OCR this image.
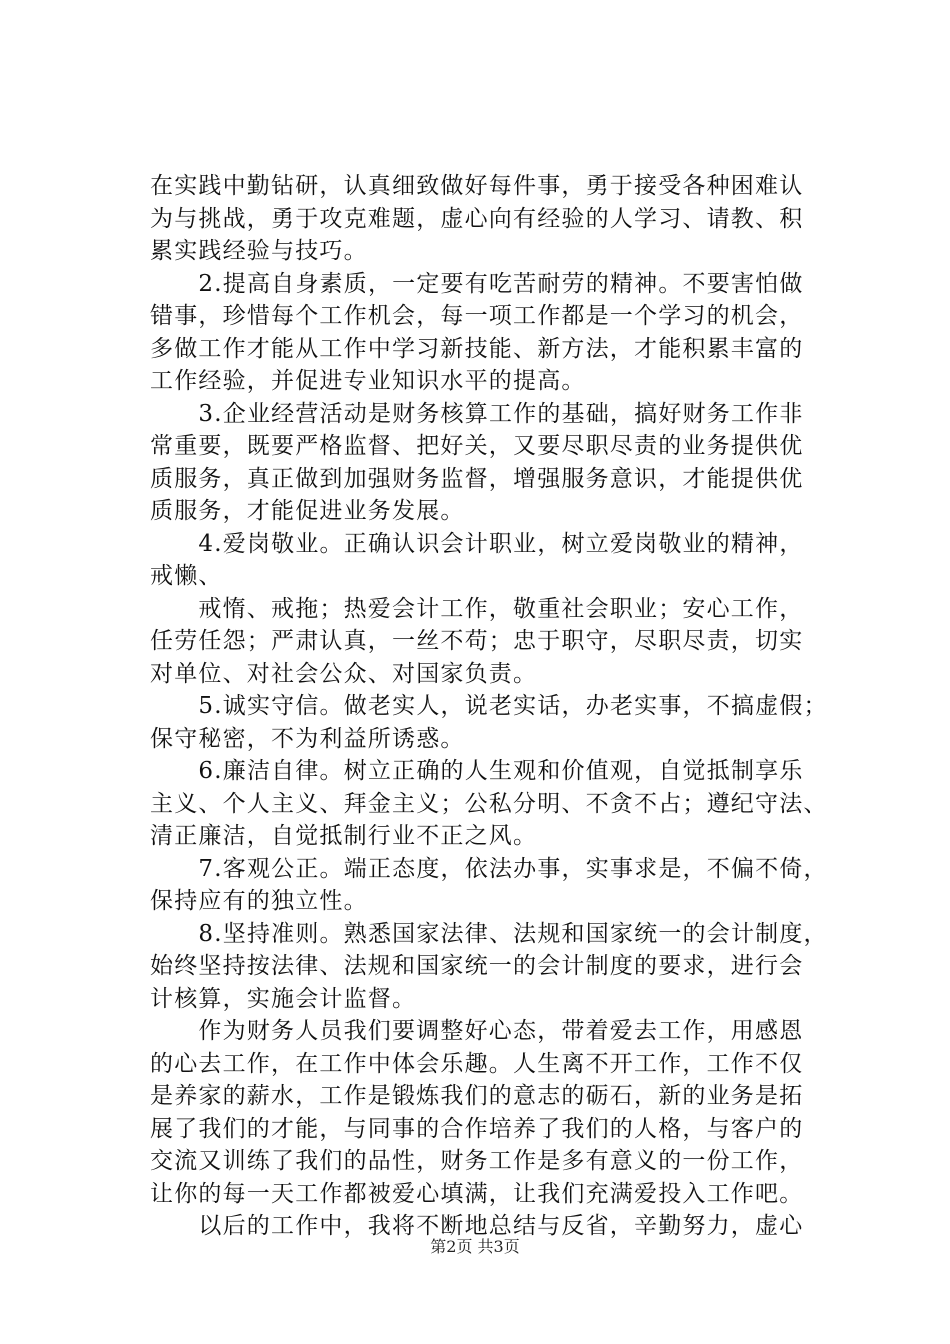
在实践中勤钻研，认真细致做好每件事，勇于接受各种困难认
为与挑战，勇于攻克难题，虚心向有经验的人学习、请教、积
累实践经验与技巧。

　　2.提高自身素质，一定要有吃苦耐劳的精神。不要害怕做
错事，珍惜每个工作机会，每一项工作都是一个学习的机会，
多做工作才能从工作中学习新技能、新方法，才能积累丰富的
工作经验，并促进专业知识水平的提高。

　　3.企业经营活动是财务核算工作的基础，搞好财务工作非
常重要，既要严格监督、把好关，又要尽职尽责的业务提供优
质服务，真正做到加强财务监督，增强服务意识，才能提供优
质服务，才能促进业务发展。

　　4.爱岗敬业。正确认识会计职业，树立爱岗敬业的精神，
戒懒、

　　戒惰、戒拖；热爱会计工作，敬重社会职业；安心工作，
任劳任怨；严肃认真，一丝不苟；忠于职守，尽职尽责，切实
对单位、对社会公众、对国家负责。

　　5.诚实守信。做老实人，说老实话，办老实事，不搞虚假；
保守秘密，不为利益所诱惑。

　　6.廉洁自律。树立正确的人生观和价值观，自觉抵制享乐
主义、个人主义、拜金主义；公私分明、不贪不占；遵纪守法、
清正廉洁，自觉抵制行业不正之风。

　　7.客观公正。端正态度，依法办事，实事求是，不偏不倚，
保持应有的独立性。

　　8.坚持准则。熟悉国家法律、法规和国家统一的会计制度，
始终坚持按法律、法规和国家统一的会计制度的要求，进行会
计核算，实施会计监督。

　　作为财务人员我们要调整好心态，带着爱去工作，用感恩
的心去工作，在工作中体会乐趣。人生离不开工作，工作不仅
是养家的薪水，工作是锻炼我们的意志的砺石，新的业务是拓
展了我们的才能，与同事的合作培养了我们的人格，与客户的
交流又训练了我们的品性，财务工作是多有意义的一份工作，
让你的每一天工作都被爱心填满，让我们充满爱投入工作吧。

　　以后的工作中，我将不断地总结与反省，辛勤努力，虚心

第2页 共3页
